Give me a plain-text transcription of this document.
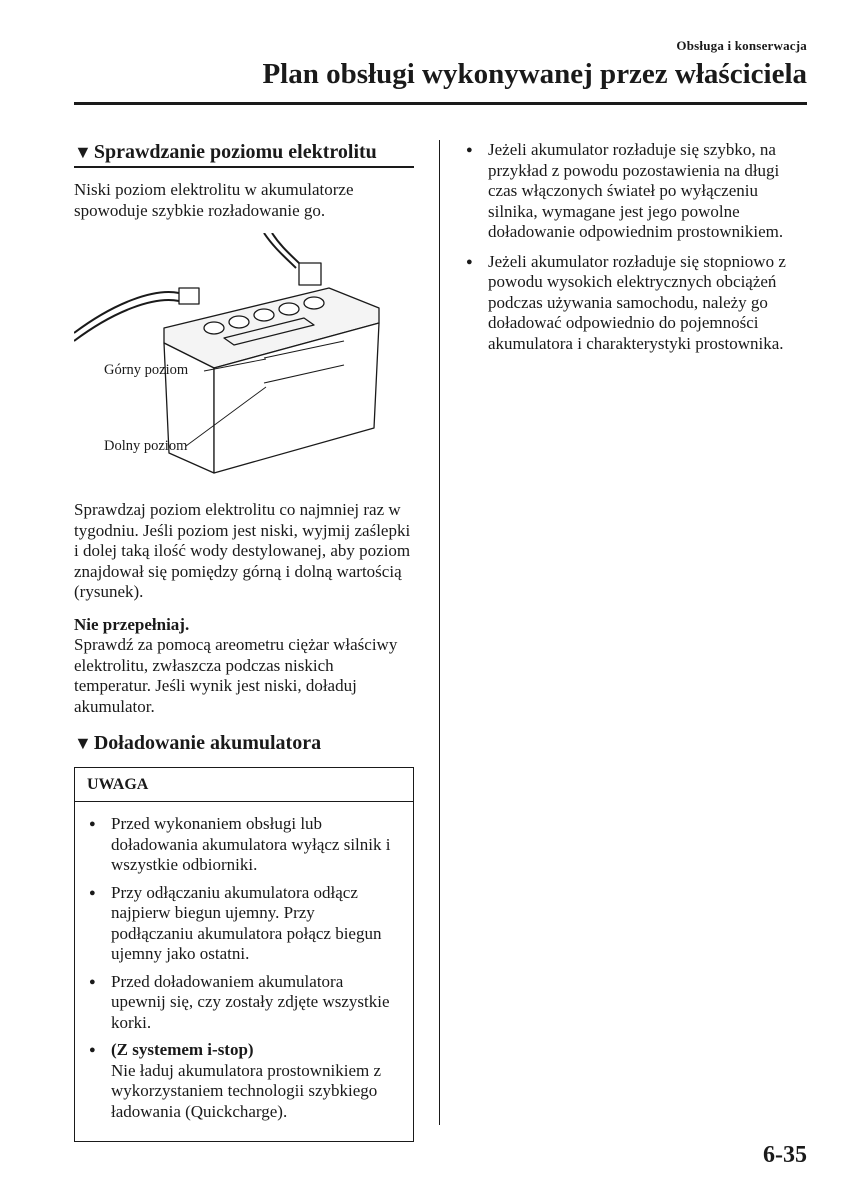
Obsługa i konserwacja
Plan obsługi wykonywanej przez właściciela
▼ Sprawdzanie poziomu elektrolitu

Niski poziom elektrolitu w akumulatorze spowoduje szybkie rozładowanie go.

Górny poziom
Dolny poziom

Sprawdzaj poziom elektrolitu co najmniej raz w tygodniu. Jeśli poziom jest niski, wyjmij zaślepki i dolej taką ilość wody destylowanej, aby poziom znajdował się pomiędzy górną i dolną wartością (rysunek).

Nie przepełniaj.

Sprawdź za pomocą areometru ciężar właściwy elektrolitu, zwłaszcza podczas niskich temperatur. Jeśli wynik jest niski, doładuj akumulator.

▼ Doładowanie akumulatora
UWAGA
● Przed wykonaniem obsługi lub doładowania akumulatora wyłącz silnik i wszystkie odbiorniki.
● Przy odłączaniu akumulatora odłącz najpierw biegun ujemny. Przy podłączaniu akumulatora połącz biegun ujemny jako ostatni.
● Przed doładowaniem akumulatora upewnij się, czy zostały zdjęte wszystkie korki.
● (Z systemem i-stop)
Nie ładuj akumulatora prostownikiem z wykorzystaniem technologii szybkiego ładowania (Quickcharge).
● Jeżeli akumulator rozładuje się szybko, na przykład z powodu pozostawienia na długi czas włączonych świateł po wyłączeniu silnika, wymagane jest jego powolne doładowanie odpowiednim prostownikiem.
● Jeżeli akumulator rozładuje się stopniowo z powodu wysokich elektrycznych obciążeń podczas używania samochodu, należy go doładować odpowiednio do pojemności akumulatora i charakterystyki prostownika.
6-35
